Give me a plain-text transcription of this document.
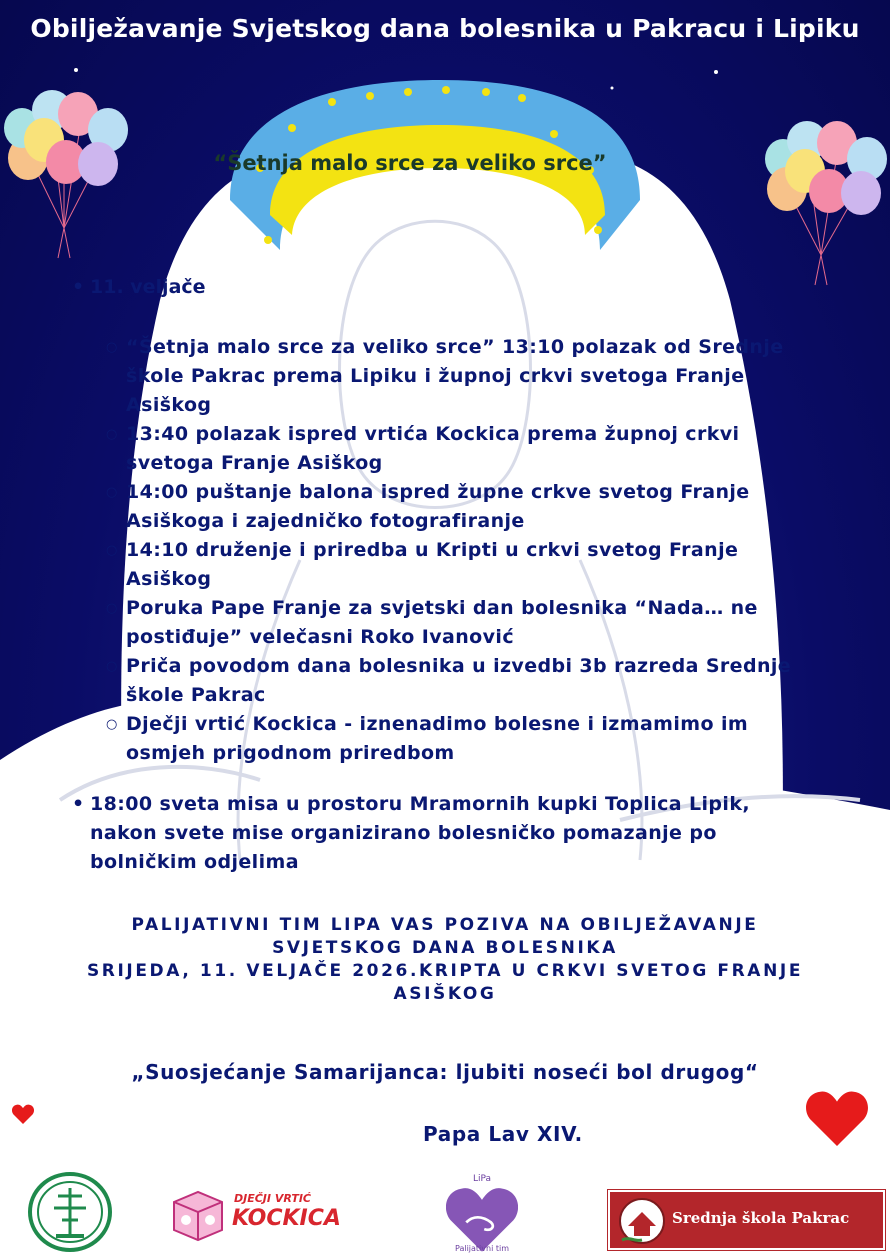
Obilježavanje Svjetskog dana bolesnika u Pakracu i Lipiku
“Šetnja malo srce za veliko srce”
• 11. veljače
○ “Šetnja malo srce za veliko srce” 13:10 polazak od Srednje škole Pakrac prema Lipiku i župnoj crkvi svetoga Franje Asiškog
○ 13:40 polazak ispred vrtića Kockica prema župnoj crkvi svetoga Franje Asiškog
○ 14:00 puštanje balona ispred župne crkve svetog Franje Asiškoga i zajedničko fotografiranje
○ 14:10 druženje i priredba u Kripti u crkvi svetog Franje Asiškog
○ Poruka Pape Franje za svjetski dan bolesnika “Nada… ne postiđuje” velečasni Roko Ivanović
○ Priča povodom dana bolesnika u izvedbi 3b razreda Srednje škole Pakrac
○ Dječji vrtić Kockica - iznenadimo bolesne i izmamimo im osmjeh prigodnom priredbom
• 18:00 sveta misa u prostoru Mramornih kupki Toplica Lipik, nakon svete mise organizirano bolesničko pomazanje po bolničkim odjelima
PALIJATIVNI TIM LIPA VAS POZIVA NA OBILJEŽAVANJE
SVJETSKOG DANA BOLESNIKA
SRIJEDA, 11. VELJAČE 2026.KRIPTA U CRKVI SVETOG FRANJE
ASIŠKOG
„Suosjećanje Samarijanca: ljubiti noseći bol drugog“
Papa Lav XIV.
DJEČJI VRTIĆ
KOCKICA
LiPa
Palijativni tim
Srednja škola Pakrac
